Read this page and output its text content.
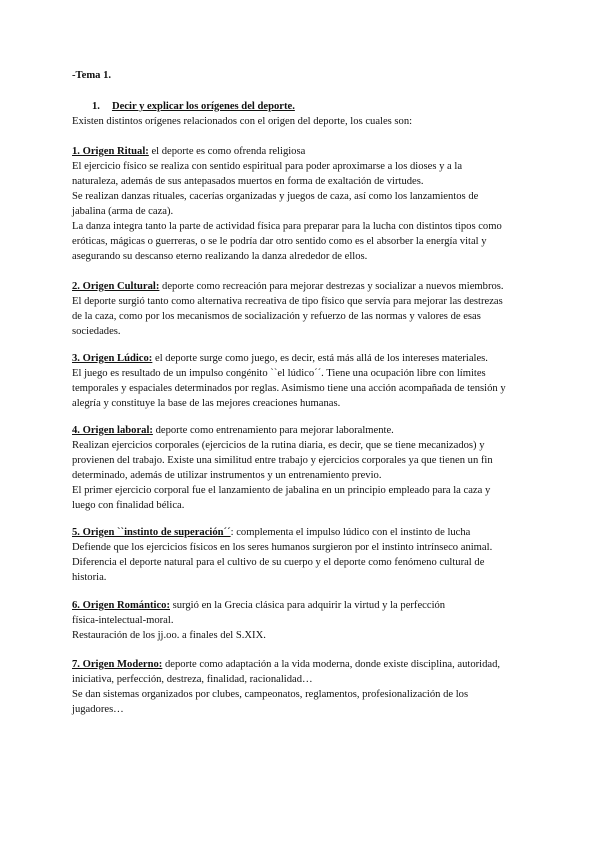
-Tema 1.
1. Decir y explicar los orígenes del deporte.
Existen distintos orígenes relacionados con el origen del deporte, los cuales son:
1. Origen Ritual: el deporte es como ofrenda religiosa
El ejercicio físico se realiza con sentido espiritual para poder aproximarse a los dioses y a la
naturaleza, además de sus antepasados muertos en forma de exaltación de virtudes.
Se realizan danzas rituales, cacerías organizadas y juegos de caza, así como los lanzamientos de
jabalina (arma de caza).
La danza integra tanto la parte de actividad física para preparar para la lucha con distintos tipos como
eróticas, mágicas o guerreras, o se le podría dar otro sentido como es el absorber la energía vital y
asegurando su descanso eterno realizando la danza alrededor de ellos.
2. Origen Cultural: deporte como recreación para mejorar destrezas y socializar a nuevos miembros.
El deporte surgió tanto como alternativa recreativa de tipo físico que servía para mejorar las destrezas
de la caza, como por los mecanismos de socialización y refuerzo de las normas y valores de esas
sociedades.
3. Origen Lúdico: el deporte surge como juego, es decir, está más allá de los intereses materiales.
El juego es resultado de un impulso congénito ``el lúdico´´. Tiene una ocupación libre con límites
temporales y espaciales determinados por reglas. Asimismo tiene una acción acompañada de tensión y
alegría y constituye la base de las mejores creaciones humanas.
4. Origen laboral: deporte como entrenamiento para mejorar laboralmente.
Realizan ejercicios corporales (ejercicios de la rutina diaria, es decir, que se tiene mecanizados) y
provienen del trabajo. Existe una similitud entre trabajo y ejercicios corporales ya que tienen un fin
determinado, además de utilizar instrumentos y un entrenamiento previo.
El primer ejercicio corporal fue el lanzamiento de jabalina en un principio empleado para la caza y
luego con finalidad bélica.
5. Origen ``instinto de superación´´: complementa el impulso lúdico con el instinto de lucha
Defiende que los ejercicios físicos en los seres humanos surgieron por el instinto intrínseco animal.
Diferencia el deporte natural para el cultivo de su cuerpo y el deporte como fenómeno cultural de
historia.
6. Origen Romántico: surgió en la Grecia clásica para adquirir la virtud y la perfección
física-intelectual-moral.
Restauración de los jj.oo. a finales del S.XIX.
7. Origen Moderno: deporte como adaptación a la vida moderna, donde existe disciplina, autoridad,
iniciativa, perfección, destreza, finalidad, racionalidad…
Se dan sistemas organizados por clubes, campeonatos, reglamentos, profesionalización de los
jugadores…
